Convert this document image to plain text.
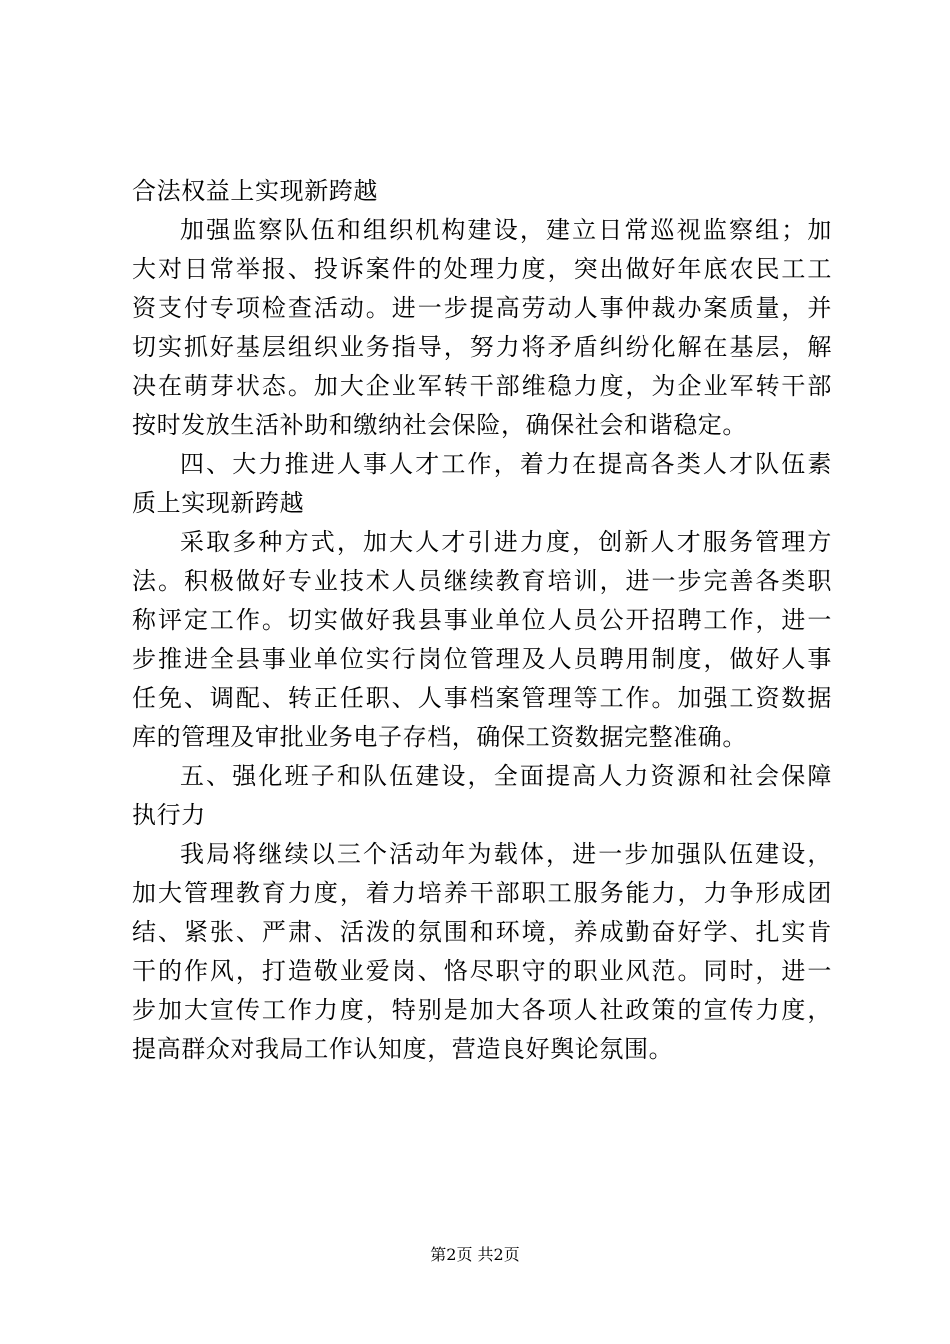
合法权益上实现新跨越
加强监察队伍和组织机构建设，建立日常巡视监察组；加
大对日常举报、投诉案件的处理力度，突出做好年底农民工工
资支付专项检查活动。进一步提高劳动人事仲裁办案质量，并
切实抓好基层组织业务指导，努力将矛盾纠纷化解在基层，解
决在萌芽状态。加大企业军转干部维稳力度，为企业军转干部
按时发放生活补助和缴纳社会保险，确保社会和谐稳定。
四、大力推进人事人才工作，着力在提高各类人才队伍素
质上实现新跨越
采取多种方式，加大人才引进力度，创新人才服务管理方
法。积极做好专业技术人员继续教育培训，进一步完善各类职
称评定工作。切实做好我县事业单位人员公开招聘工作，进一
步推进全县事业单位实行岗位管理及人员聘用制度，做好人事
任免、调配、转正任职、人事档案管理等工作。加强工资数据
库的管理及审批业务电子存档，确保工资数据完整准确。
五、强化班子和队伍建设，全面提高人力资源和社会保障
执行力
我局将继续以三个活动年为载体，进一步加强队伍建设，
加大管理教育力度，着力培养干部职工服务能力，力争形成团
结、紧张、严肃、活泼的氛围和环境，养成勤奋好学、扎实肯
干的作风，打造敬业爱岗、恪尽职守的职业风范。同时，进一
步加大宣传工作力度，特别是加大各项人社政策的宣传力度，
提高群众对我局工作认知度，营造良好舆论氛围。
第2页 共2页
